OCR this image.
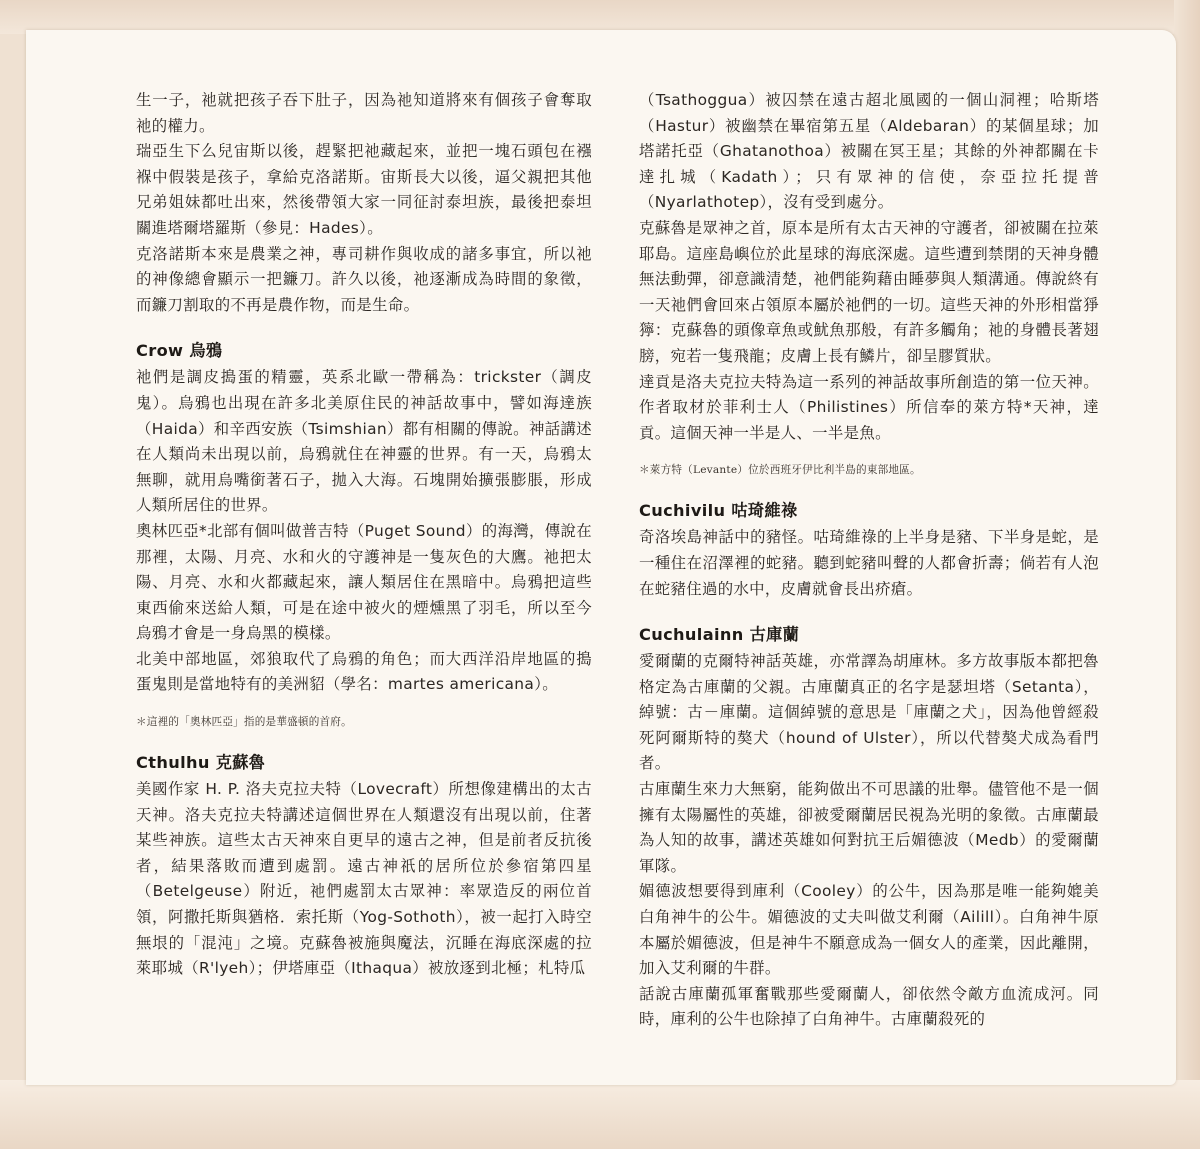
生一子，祂就把孩子吞下肚子，因為祂知道將來有個孩子會奪取祂的權力。

瑞亞生下么兒宙斯以後，趕緊把祂藏起來，並把一塊石頭包在襁褓中假裝是孩子，拿給克洛諾斯。宙斯長大以後，逼父親把其他兄弟姐妹都吐出來，然後帶領大家一同征討泰坦族，最後把泰坦關進塔爾塔羅斯（參見：Hades）。

克洛諾斯本來是農業之神，專司耕作與收成的諸多事宜，所以祂的神像總會顯示一把鐮刀。許久以後，祂逐漸成為時間的象徵，而鐮刀割取的不再是農作物，而是生命。

Crow 烏鴉

祂們是調皮搗蛋的精靈，英系北歐一帶稱為：trickster（調皮鬼）。烏鴉也出現在許多北美原住民的神話故事中，譬如海達族（Haida）和辛西安族（Tsimshian）都有相關的傳說。神話講述在人類尚未出現以前，烏鴉就住在神靈的世界。有一天，烏鴉太無聊，就用烏嘴銜著石子，拋入大海。石塊開始擴張膨脹，形成人類所居住的世界。

奧林匹亞*北部有個叫做普吉特（Puget Sound）的海灣，傳說在那裡，太陽、月亮、水和火的守護神是一隻灰色的大鷹。祂把太陽、月亮、水和火都藏起來，讓人類居住在黑暗中。烏鴉把這些東西偷來送給人類，可是在途中被火的煙燻黑了羽毛，所以至今烏鴉才會是一身烏黑的模樣。

北美中部地區，郊狼取代了烏鴉的角色；而大西洋沿岸地區的搗蛋鬼則是當地特有的美洲貂（學名：martes americana）。

＊這裡的「奧林匹亞」指的是華盛頓的首府。
Cthulhu 克蘇魯

美國作家 H. P. 洛夫克拉夫特（Lovecraft）所想像建構出的太古天神。洛夫克拉夫特講述這個世界在人類還沒有出現以前，住著某些神族。這些太古天神來自更早的遠古之神，但是前者反抗後者，結果落敗而遭到處罰。遠古神祇的居所位於參宿第四星（Betelgeuse）附近，祂們處罰太古眾神：率眾造反的兩位首領，阿撒托斯與猶格．索托斯（Yog-Sothoth），被一起打入時空無垠的「混沌」之境。克蘇魯被施與魔法，沉睡在海底深處的拉萊耶城（R'lyeh）；伊塔庫亞（Ithaqua）被放逐到北極；札特瓜

（Tsathoggua）被囚禁在遠古超北風國的一個山洞裡；哈斯塔（Hastur）被幽禁在畢宿第五星（Aldebaran）的某個星球；加塔諾托亞（Ghatanothoa）被關在冥王星；其餘的外神都關在卡達扎城（Kadath）；只有眾神的信使，奈亞拉托提普（Nyarlathotep），沒有受到處分。

克蘇魯是眾神之首，原本是所有太古天神的守護者，卻被關在拉萊耶島。這座島嶼位於此星球的海底深處。這些遭到禁閉的天神身體無法動彈，卻意識清楚，祂們能夠藉由睡夢與人類溝通。傳說終有一天祂們會回來占領原本屬於祂們的一切。這些天神的外形相當猙獰：克蘇魯的頭像章魚或魷魚那般，有許多觸角；祂的身體長著翅膀，宛若一隻飛龍；皮膚上長有鱗片，卻呈膠質狀。

達貢是洛夫克拉夫特為這一系列的神話故事所創造的第一位天神。作者取材於菲利士人（Philistines）所信奉的萊方特*天神，達貢。這個天神一半是人、一半是魚。

＊萊方特（Levante）位於西班牙伊比利半島的東部地區。
Cuchivilu 咕琦維祿

奇洛埃島神話中的豬怪。咕琦維祿的上半身是豬、下半身是蛇，是一種住在沼澤裡的蛇豬。聽到蛇豬叫聲的人都會折壽；倘若有人泡在蛇豬住過的水中，皮膚就會長出疥瘡。

Cuchulainn 古庫蘭

愛爾蘭的克爾特神話英雄，亦常譯為胡庫林。多方故事版本都把魯格定為古庫蘭的父親。古庫蘭真正的名字是瑟坦塔（Setanta），綽號：古－庫蘭。這個綽號的意思是「庫蘭之犬」，因為他曾經殺死阿爾斯特的獒犬（hound of Ulster），所以代替獒犬成為看門者。

古庫蘭生來力大無窮，能夠做出不可思議的壯舉。儘管他不是一個擁有太陽屬性的英雄，卻被愛爾蘭居民視為光明的象徵。古庫蘭最為人知的故事，講述英雄如何對抗王后媚德波（Medb）的愛爾蘭軍隊。

媚德波想要得到庫利（Cooley）的公牛，因為那是唯一能夠媲美白角神牛的公牛。媚德波的丈夫叫做艾利爾（Ailill）。白角神牛原本屬於媚德波，但是神牛不願意成為一個女人的產業，因此離開，加入艾利爾的牛群。

話說古庫蘭孤軍奮戰那些愛爾蘭人，卻依然令敵方血流成河。同時，庫利的公牛也除掉了白角神牛。古庫蘭殺死的
